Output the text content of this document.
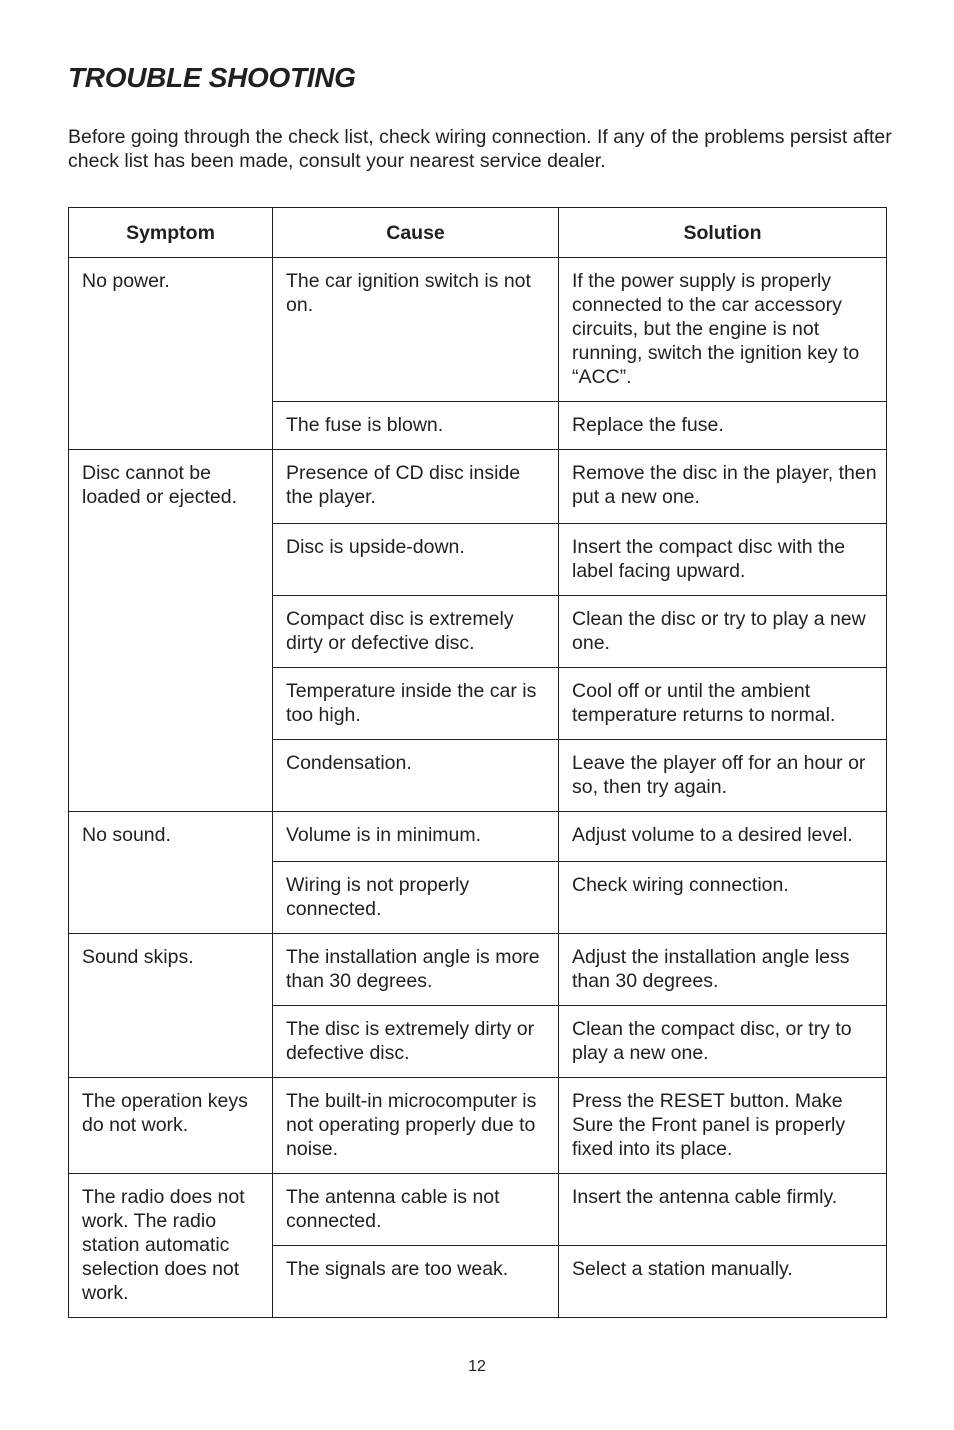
TROUBLE SHOOTING

Before going through the check list, check wiring connection. If any of the problems persist after check list has been made, consult your nearest service dealer.

Symptom	Cause	Solution
No power.	The car ignition switch is not on.	If the power supply is properly connected to the car accessory circuits, but the engine is not running, switch the ignition key to “ACC”.
	The fuse is blown.	Replace the fuse.
Disc cannot be loaded or ejected.	Presence of CD disc inside the player.	Remove the disc in the player, then put a new one.
	Disc is upside-down.	Insert the compact disc with the label facing upward.
	Compact disc is extremely dirty or defective disc.	Clean the disc or try to play a new one.
	Temperature inside the car is too high.	Cool off or until the ambient temperature returns to normal.
	Condensation.	Leave the player off for an hour or so, then try again.
No sound.	Volume is in minimum.	Adjust volume to a desired level.
	Wiring is not properly connected.	Check wiring connection.
Sound skips.	The installation angle is more than 30 degrees.	Adjust the installation angle less than 30 degrees.
	The disc is extremely dirty or defective disc.	Clean the compact disc, or try to play a new one.
The operation keys do not work.	The built-in microcomputer is not operating properly due to noise.	Press the RESET button. Make Sure the Front panel is properly fixed into its place.
The radio does not work. The radio station automatic selection does not work.	The antenna cable is not connected.	Insert the antenna cable firmly.
	The signals are too weak.	Select a station manually.
12
